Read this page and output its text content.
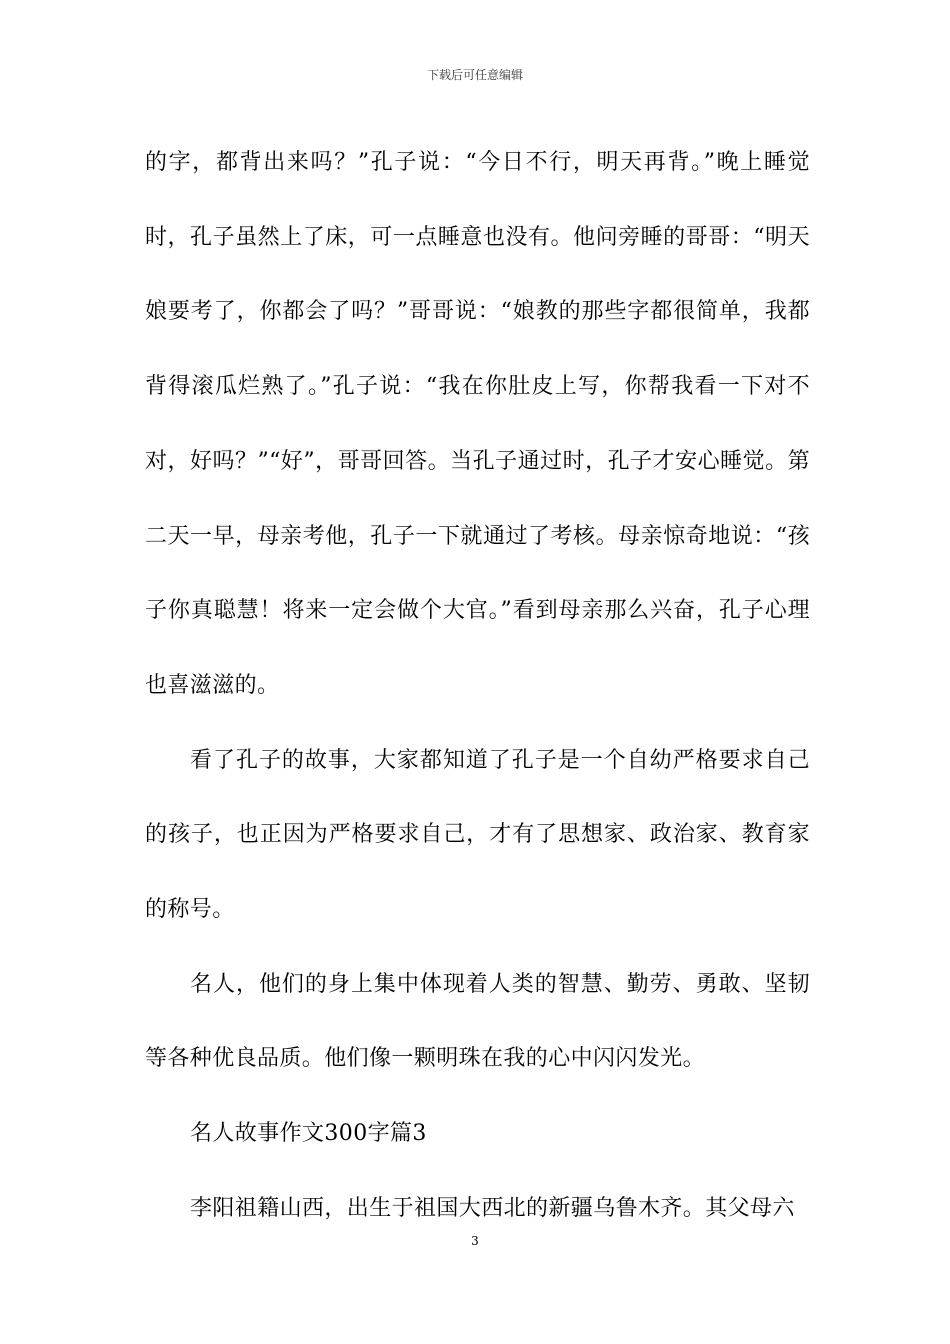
下载后可任意编辑

的字，都背出来吗？”孔子说：“今日不行，明天再背。”晚上睡觉时，孔子虽然上了床，可一点睡意也没有。他问旁睡的哥哥：“明天娘要考了，你都会了吗？”哥哥说：“娘教的那些字都很简单，我都背得滚瓜烂熟了。”孔子说：“我在你肚皮上写，你帮我看一下对不对，好吗？”“好”，哥哥回答。当孔子通过时，孔子才安心睡觉。第二天一早，母亲考他，孔子一下就通过了考核。母亲惊奇地说：“孩子你真聪慧！将来一定会做个大官。”看到母亲那么兴奋，孔子心理也喜滋滋的。

看了孔子的故事，大家都知道了孔子是一个自幼严格要求自己的孩子，也正因为严格要求自己，才有了思想家、政治家、教育家的称号。

名人，他们的身上集中体现着人类的智慧、勤劳、勇敢、坚韧等各种优良品质。他们像一颗明珠在我的心中闪闪发光。

名人故事作文300字篇3

李阳祖籍山西，出生于祖国大西北的新疆乌鲁木齐。其父母六

3
